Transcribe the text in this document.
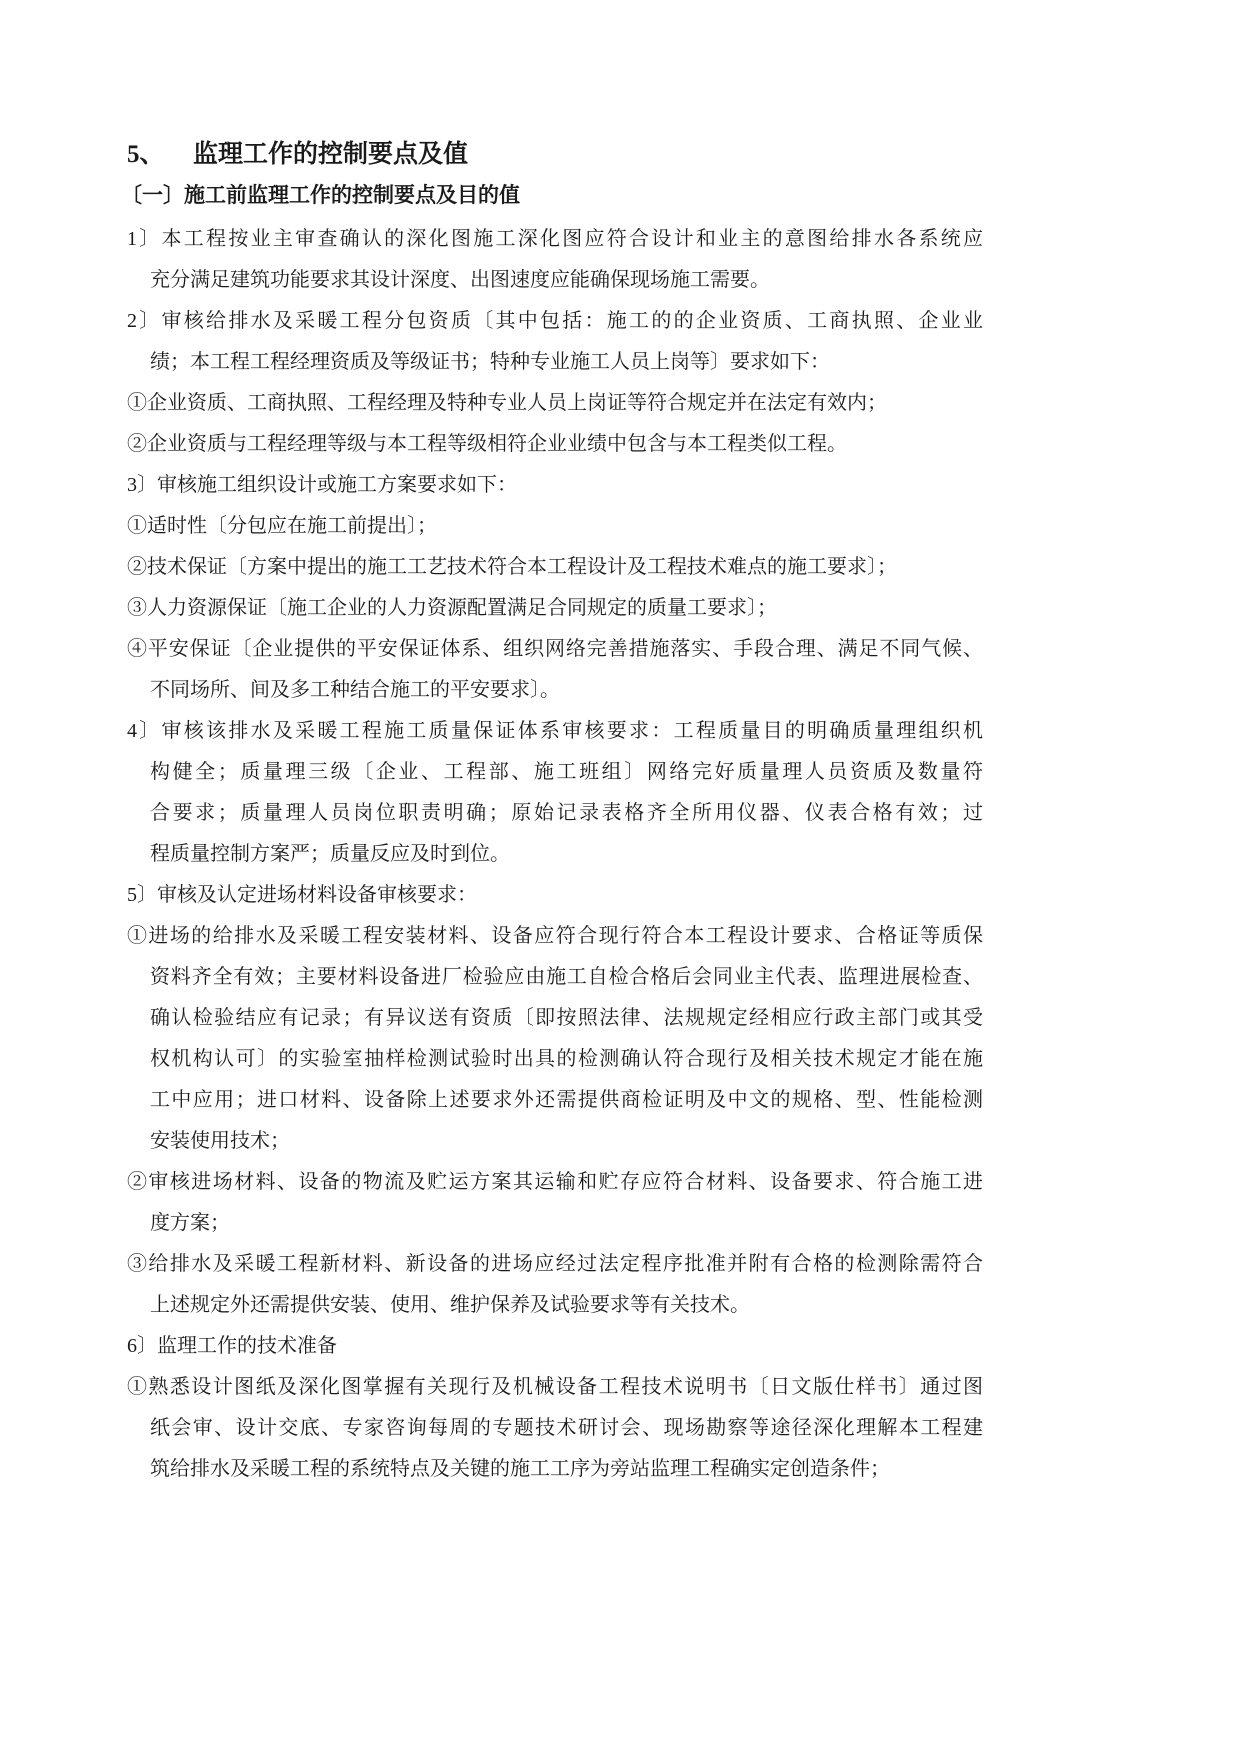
5、 监理工作的控制要点及值
〔一〕施工前监理工作的控制要点及目的值
1〕本工程按业主审查确认的深化图施工深化图应符合设计和业主的意图给排水各系统应
充分满足建筑功能要求其设计深度、出图速度应能确保现场施工需要。
2〕审核给排水及采暖工程分包资质〔其中包括：施工的的企业资质、工商执照、企业业
绩；本工程工程经理资质及等级证书；特种专业施工人员上岗等〕要求如下：
①企业资质、工商执照、工程经理及特种专业人员上岗证等符合规定并在法定有效内；
②企业资质与工程经理等级与本工程等级相符企业业绩中包含与本工程类似工程。
3〕审核施工组织设计或施工方案要求如下：
①适时性〔分包应在施工前提出〕；
②技术保证〔方案中提出的施工工艺技术符合本工程设计及工程技术难点的施工要求〕；
③人力资源保证〔施工企业的人力资源配置满足合同规定的质量工要求〕；
④平安保证〔企业提供的平安保证体系、组织网络完善措施落实、手段合理、满足不同气候、
不同场所、间及多工种结合施工的平安要求〕。
4〕审核该排水及采暖工程施工质量保证体系审核要求：工程质量目的明确质量理组织机
构健全；质量理三级〔企业、工程部、施工班组〕网络完好质量理人员资质及数量符
合要求；质量理人员岗位职责明确；原始记录表格齐全所用仪器、仪表合格有效；过
程质量控制方案严；质量反应及时到位。
5〕审核及认定进场材料设备审核要求：
①进场的给排水及采暖工程安装材料、设备应符合现行符合本工程设计要求、合格证等质保
资料齐全有效；主要材料设备进厂检验应由施工自检合格后会同业主代表、监理进展检查、
确认检验结应有记录；有异议送有资质〔即按照法律、法规规定经相应行政主部门或其受
权机构认可〕的实验室抽样检测试验时出具的检测确认符合现行及相关技术规定才能在施
工中应用；进口材料、设备除上述要求外还需提供商检证明及中文的规格、型、性能检测
安装使用技术；
②审核进场材料、设备的物流及贮运方案其运输和贮存应符合材料、设备要求、符合施工进
度方案；
③给排水及采暖工程新材料、新设备的进场应经过法定程序批准并附有合格的检测除需符合
上述规定外还需提供安装、使用、维护保养及试验要求等有关技术。
6〕监理工作的技术准备
①熟悉设计图纸及深化图掌握有关现行及机械设备工程技术说明书〔日文版仕样书〕通过图
纸会审、设计交底、专家咨询每周的专题技术研讨会、现场勘察等途径深化理解本工程建
筑给排水及采暖工程的系统特点及关键的施工工序为旁站监理工程确实定创造条件；
